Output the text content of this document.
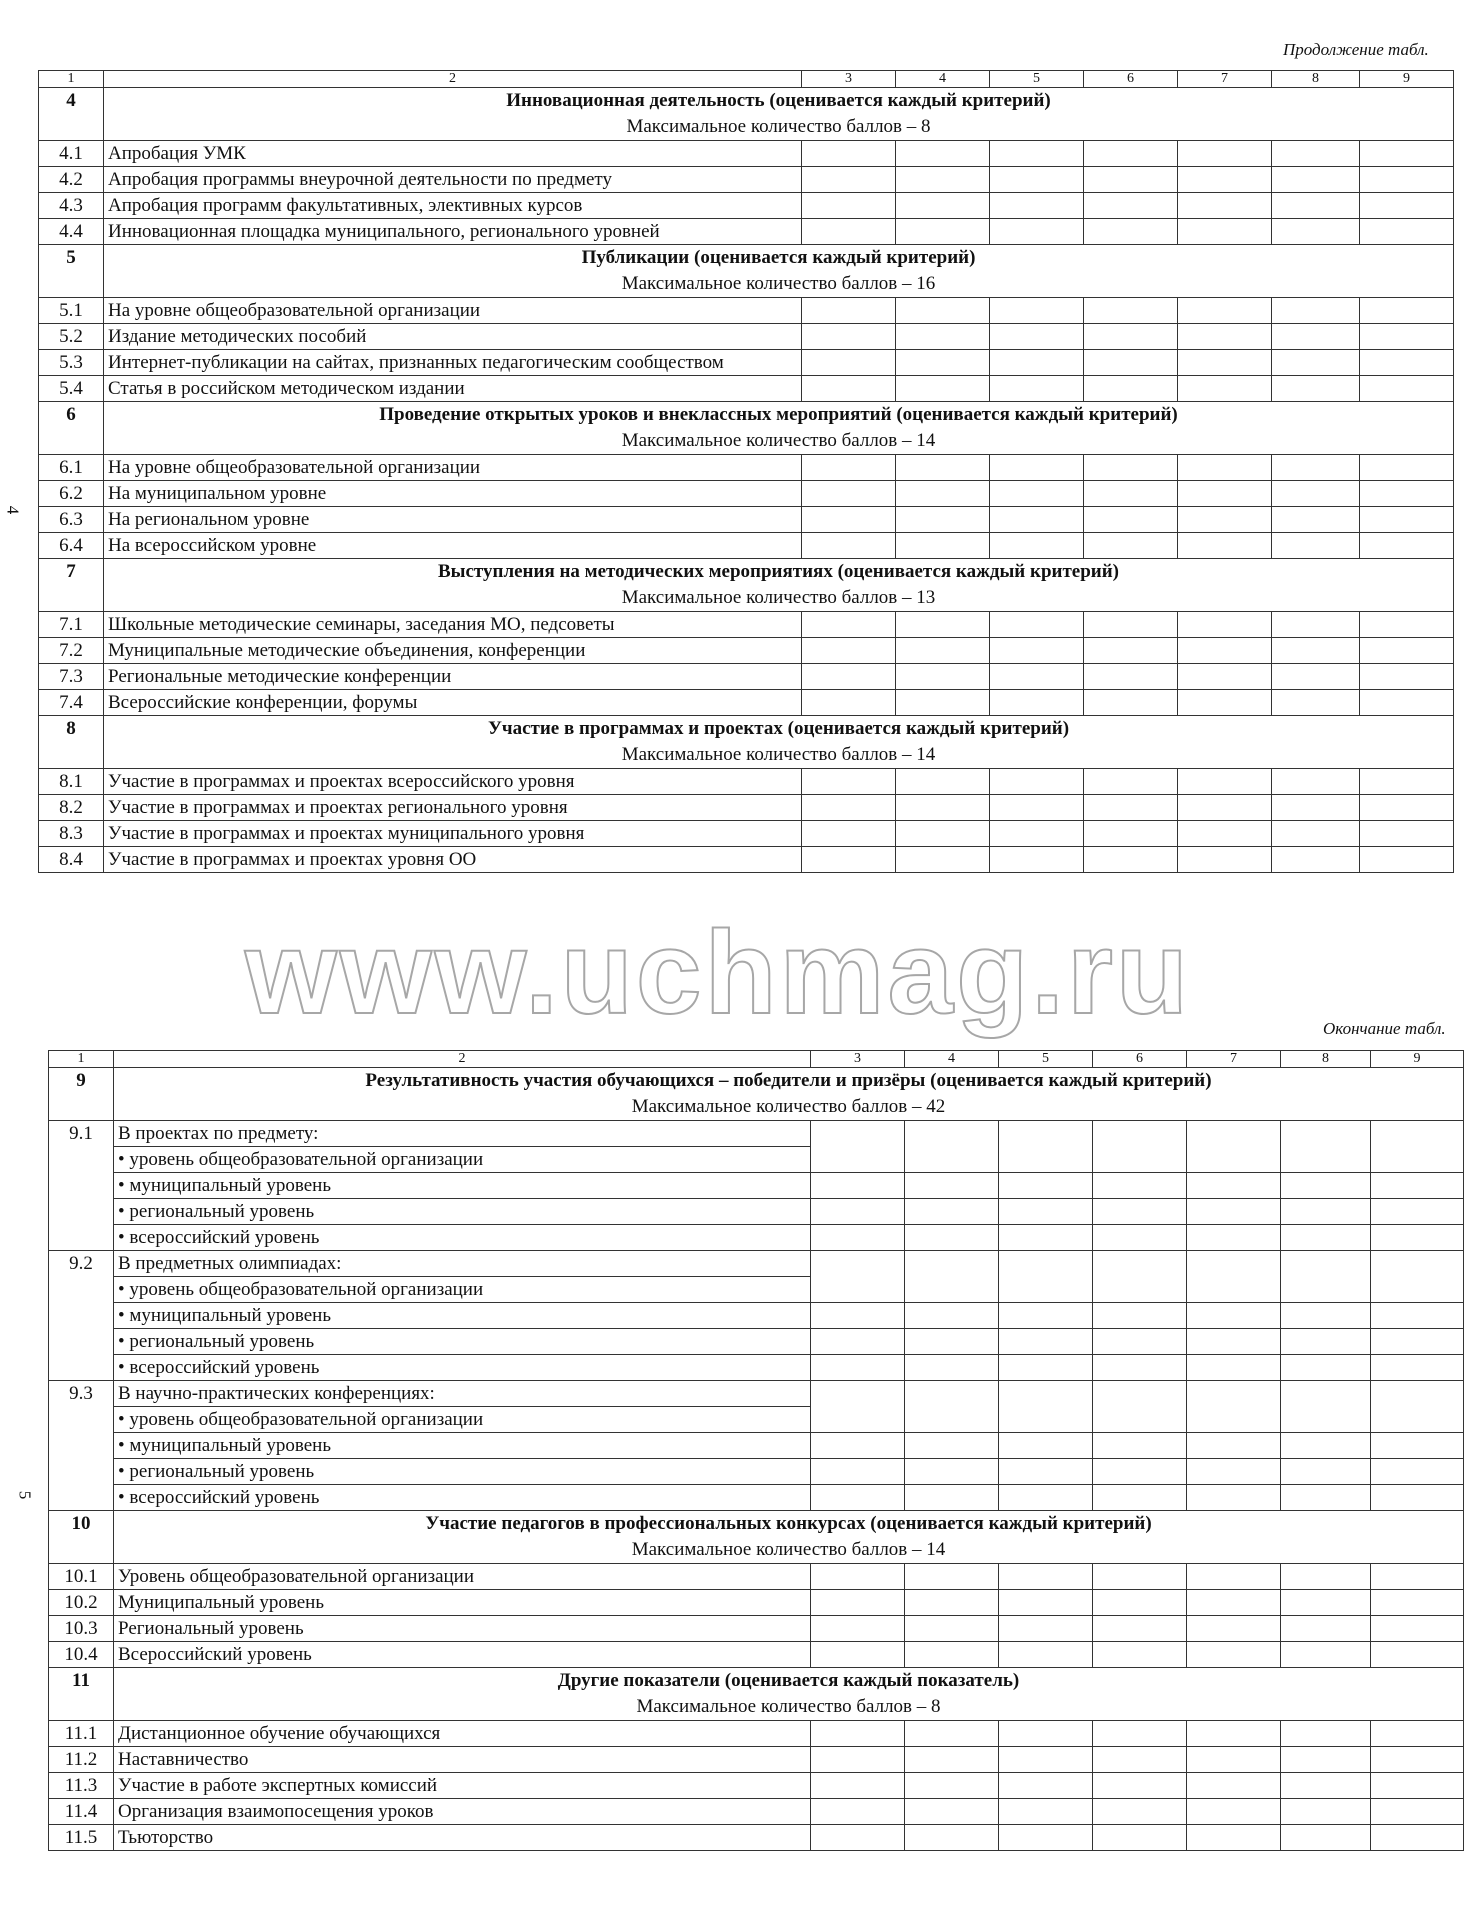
Продолжение табл.
4
1	2	3	4	5	6	7	8	9
4	Инновационная деятельность (оценивается каждый критерий)
Максимальное количество баллов – 8							
4.1	Апробация УМК							
4.2	Апробация программы внеурочной деятельности по предмету							
4.3	Апробация программ факультативных, элективных курсов							
4.4	Инновационная площадка муниципального, регионального уровней							
5	Публикации (оценивается каждый критерий)
Максимальное количество баллов – 16							
5.1	На уровне общеобразовательной организации							
5.2	Издание методических пособий							
5.3	Интернет-публикации на сайтах, признанных педагогическим сообществом							
5.4	Статья в российском методическом издании							
6	Проведение открытых уроков и внеклассных мероприятий (оценивается каждый критерий)
Максимальное количество баллов – 14							
6.1	На уровне общеобразовательной организации							
6.2	На муниципальном уровне							
6.3	На региональном уровне							
6.4	На всероссийском уровне							
7	Выступления на методических мероприятиях (оценивается каждый критерий)
Максимальное количество баллов – 13							
7.1	Школьные методические семинары, заседания МО, педсоветы							
7.2	Муниципальные методические объединения, конференции							
7.3	Региональные методические конференции							
7.4	Всероссийские конференции, форумы							
8	Участие в программах и проектах (оценивается каждый критерий)
Максимальное количество баллов – 14							
8.1	Участие в программах и проектах всероссийского уровня							
8.2	Участие в программах и проектах регионального уровня							
8.3	Участие в программах и проектах муниципального уровня							
8.4	Участие в программах и проектах уровня ОО							
www.uchmag.ru	Окончание табл.
5
1	2	3	4	5	6	7	8	9
9	Результативность участия обучающихся – победители и призёры (оценивается каждый критерий)
Максимальное количество баллов – 42							
9.1	В проектах по предмету:							
	• уровень общеобразовательной организации							
	• муниципальный уровень							
	• региональный уровень							
	• всероссийский уровень							
9.2	В предметных олимпиадах:							
	• уровень общеобразовательной организации							
	• муниципальный уровень							
	• региональный уровень							
	• всероссийский уровень							
9.3	В научно-практических конференциях:							
	• уровень общеобразовательной организации							
	• муниципальный уровень							
	• региональный уровень							
	• всероссийский уровень							
10	Участие педагогов в профессиональных конкурсах (оценивается каждый критерий)
Максимальное количество баллов – 14							
10.1	Уровень общеобразовательной организации							
10.2	Муниципальный уровень							
10.3	Региональный уровень							
10.4	Всероссийский уровень							
11	Другие показатели (оценивается каждый показатель)
Максимальное количество баллов – 8							
11.1	Дистанционное обучение обучающихся							
11.2	Наставничество							
11.3	Участие в работе экспертных комиссий							
11.4	Организация взаимопосещения уроков							
11.5	Тьюторство							
